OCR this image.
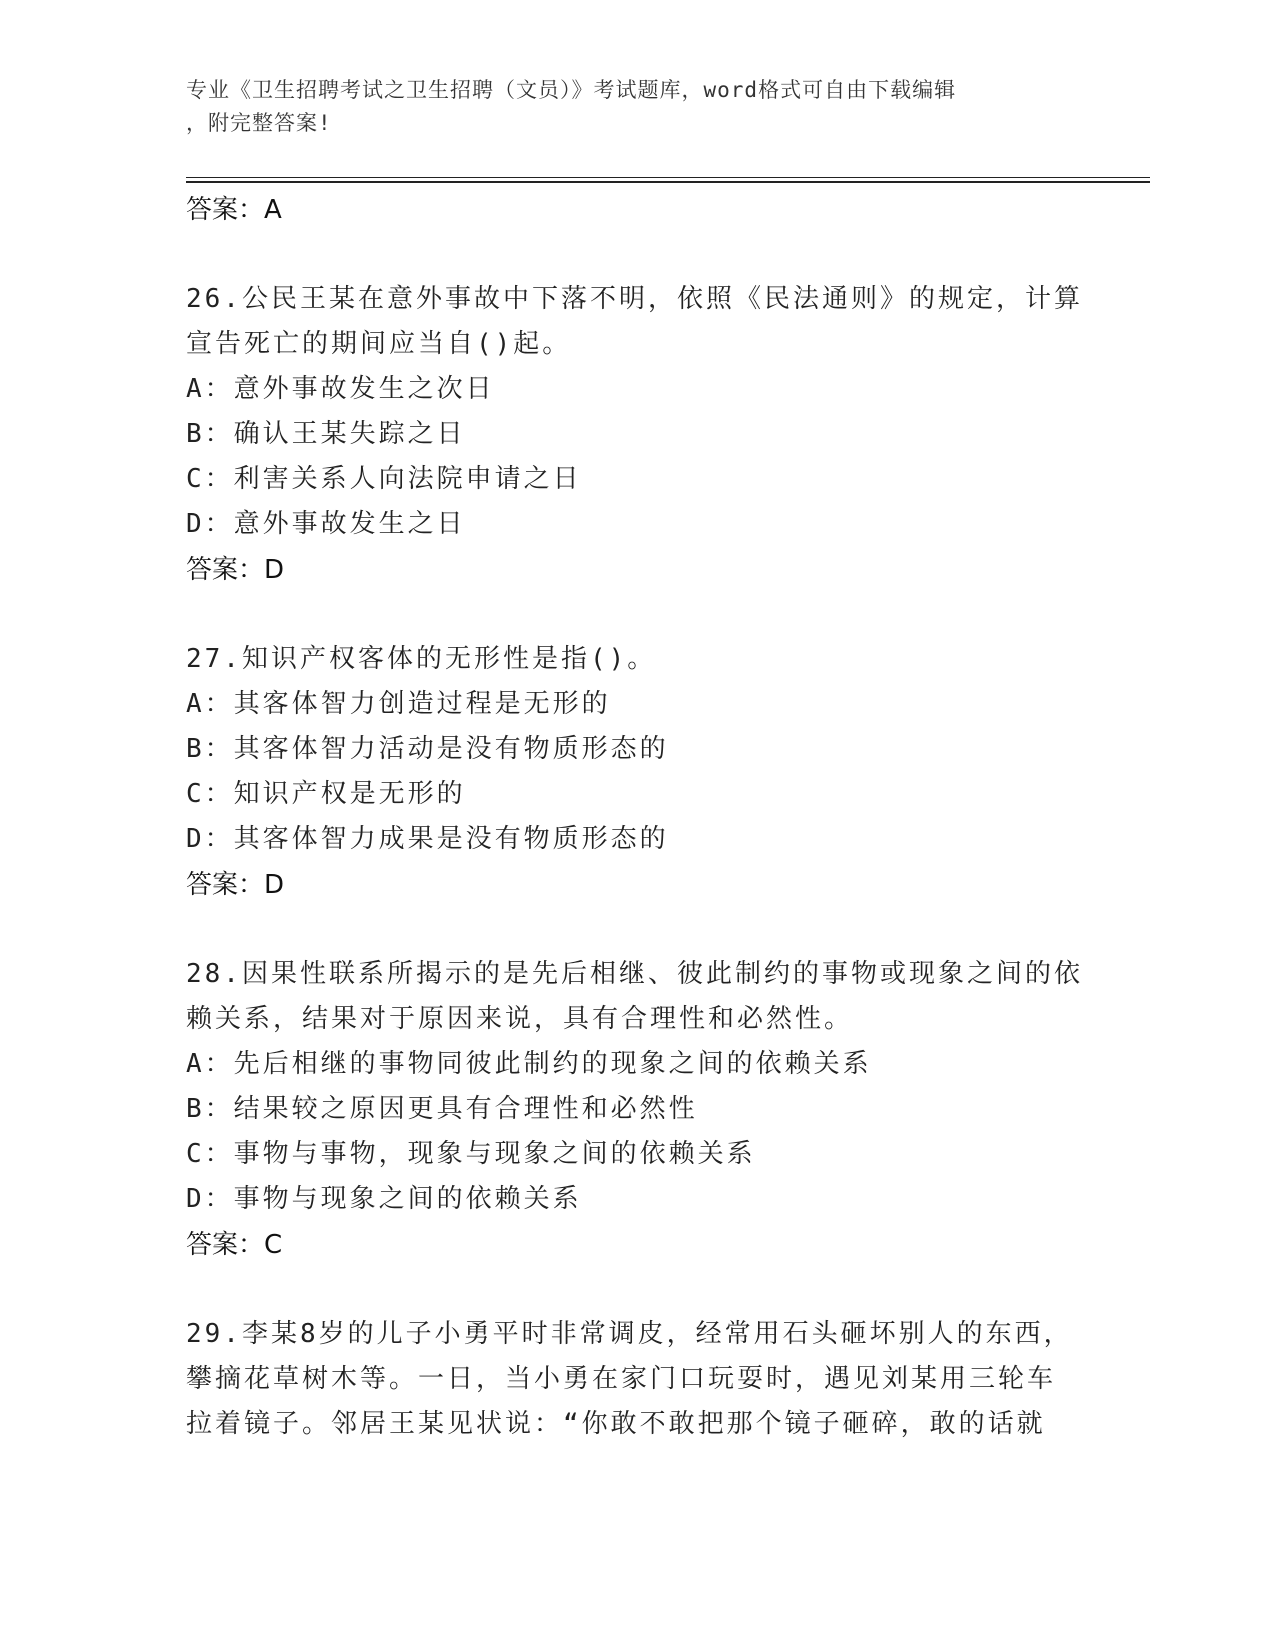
专业《卫生招聘考试之卫生招聘（文员）》考试题库，word格式可自由下载编辑
，附完整答案!
答案：A
26.公民王某在意外事故中下落不明，依照《民法通则》的规定，计算
宣告死亡的期间应当自()起。
A：意外事故发生之次日
B：确认王某失踪之日
C：利害关系人向法院申请之日
D：意外事故发生之日
答案：D
27.知识产权客体的无形性是指()。
A：其客体智力创造过程是无形的
B：其客体智力活动是没有物质形态的
C：知识产权是无形的
D：其客体智力成果是没有物质形态的
答案：D
28.因果性联系所揭示的是先后相继、彼此制约的事物或现象之间的依
赖关系，结果对于原因来说，具有合理性和必然性。
A：先后相继的事物同彼此制约的现象之间的依赖关系
B：结果较之原因更具有合理性和必然性
C：事物与事物，现象与现象之间的依赖关系
D：事物与现象之间的依赖关系
答案：C
29.李某8岁的儿子小勇平时非常调皮，经常用石头砸坏别人的东西，
攀摘花草树木等。一日，当小勇在家门口玩耍时，遇见刘某用三轮车
拉着镜子。邻居王某见状说：“你敢不敢把那个镜子砸碎，敢的话就
